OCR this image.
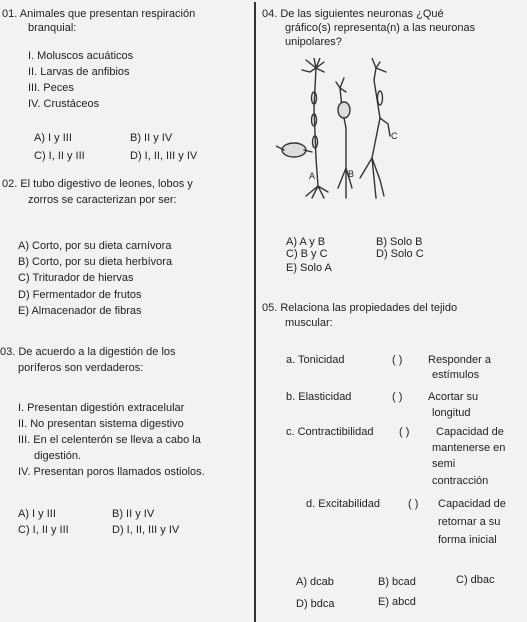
01. Animales que presentan respiración
branquial:
I. Moluscos acuáticos
II. Larvas de anfibios
III. Peces
IV. Crustáceos
A) I y III	B) II y IV
C) I, II y III	D) I, II, III y IV
02. El tubo digestivo de leones, lobos y
zorros se caracterizan por ser:
A) Corto, por su dieta carnívora
B) Corto, por su dieta herbívora
C) Triturador de hiervas
D) Fermentador de frutos
E) Almacenador de fibras
03. De acuerdo a la digestión de los
poríferos son verdaderos:
I. Presentan digestión extracelular
II. No presentan sistema digestivo
III. En el celenterón se lleva a cabo la
digestión.
IV. Presentan poros llamados ostiolos.
A) I y III	B) II y IV
C) I, II y III	D) I, II, III y IV
04. De las siguientes neuronas ¿Qué
gráfico(s) representa(n) a las neuronas
unipolares?
A	B
C
A) A y B	B) Solo B
C) B y C	D) Solo C
E) Solo A
05. Relaciona las propiedades del tejido
muscular:
a. Tonicidad	( ) Responder a
estímulos
b. Elasticidad	( ) Acortar su
longitud
c. Contractibilidad ( ) Capacidad de
mantenerse en
semi
contracción
d. Excitabilidad	( ) Capacidad de
retornar a su
forma inicial
A) dcab	B) bcad	C) dbac
D) bdca	E) abcd
